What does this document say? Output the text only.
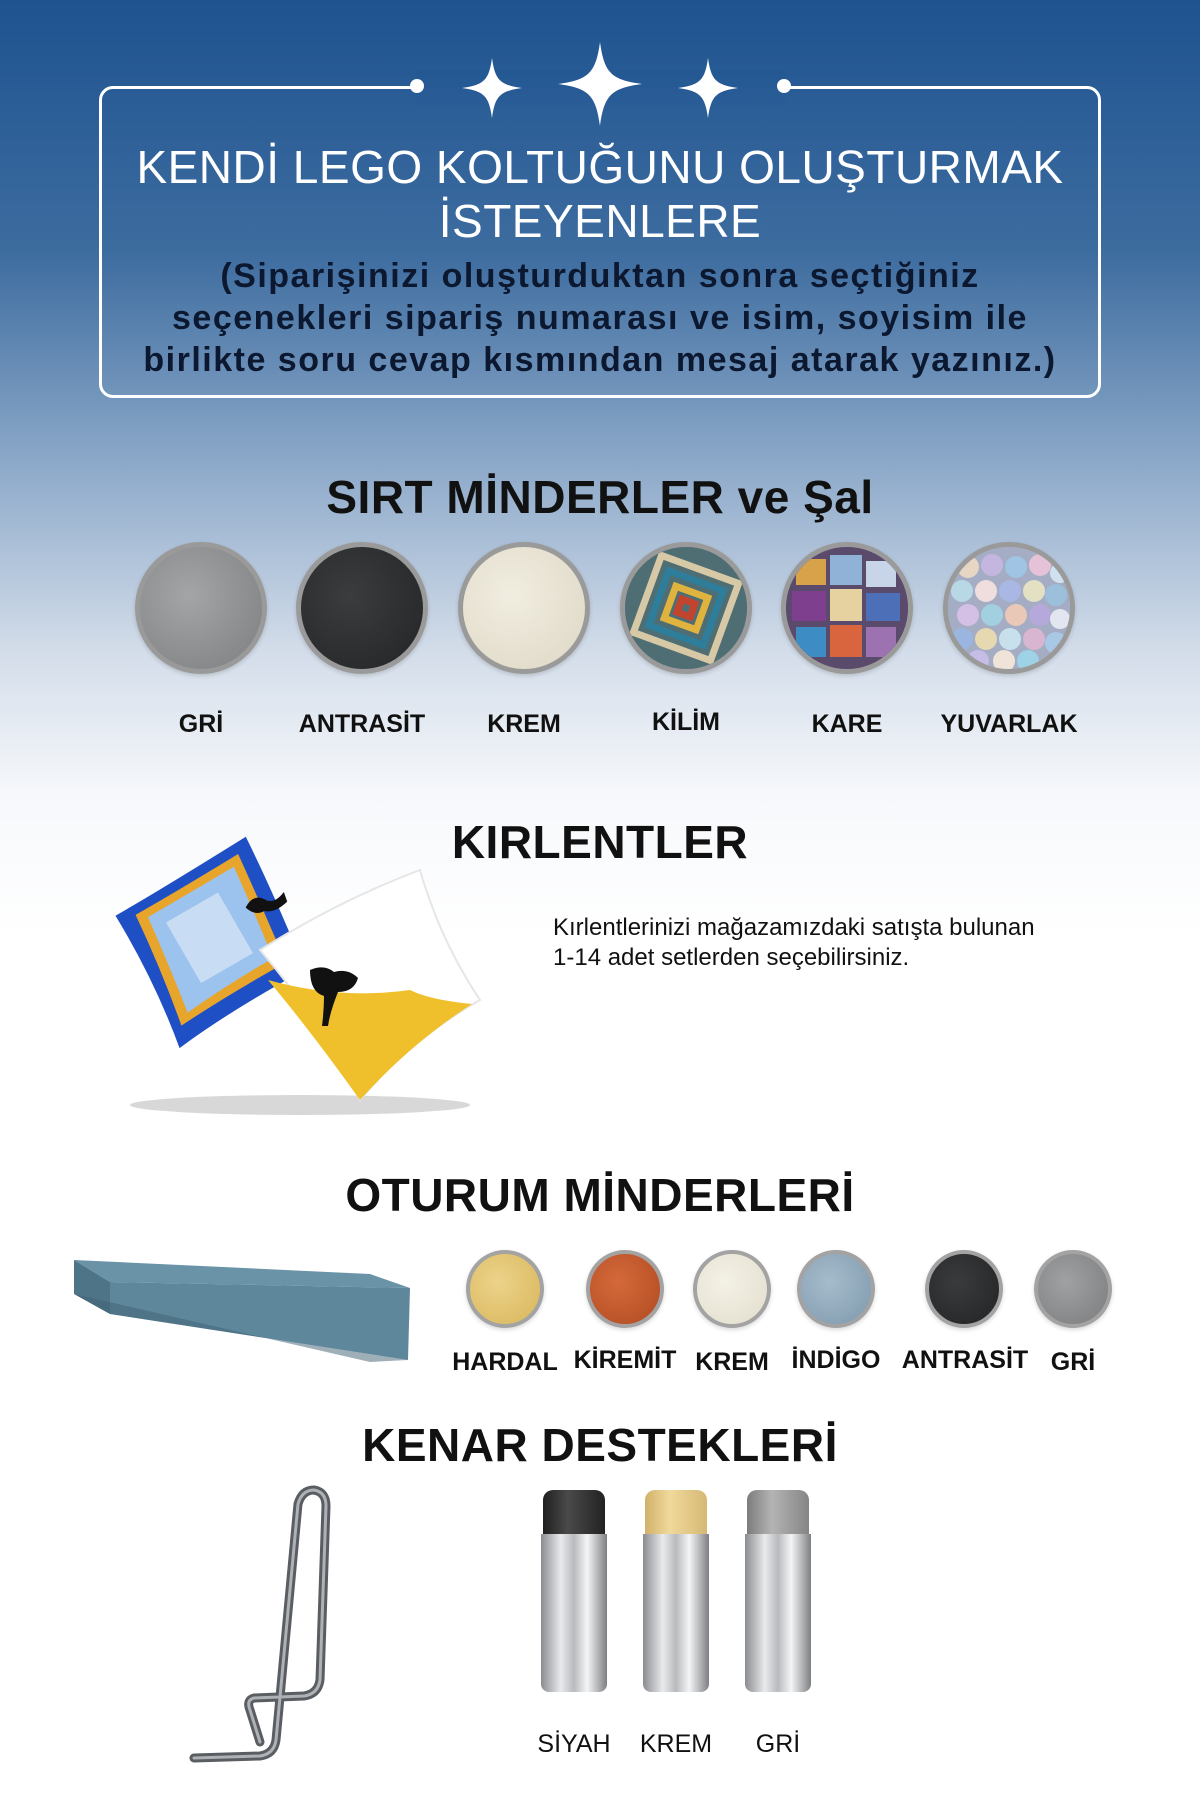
KENDİ LEGO KOLTUĞUNU OLUŞTURMAK
İSTEYENLERE
(Siparişinizi oluşturduktan sonra seçtiğiniz
seçenekleri sipariş numarası ve isim, soyisim ile
birlikte soru cevap kısmından mesaj atarak yazınız.)
SIRT MİNDERLER ve Şal
GRİ	ANTRASİT	KREM	KİLİM	KARE	YUVARLAK
KIRLENTLER
Kırlentlerinizi mağazamızdaki satışta bulunan
1-14 adet setlerden seçebilirsiniz.
OTURUM MİNDERLERİ
HARDAL KİREMİT KREM İNDİGO ANTRASİT GRİ
KENAR DESTEKLERİ
SİYAH	KREM	GRİ
